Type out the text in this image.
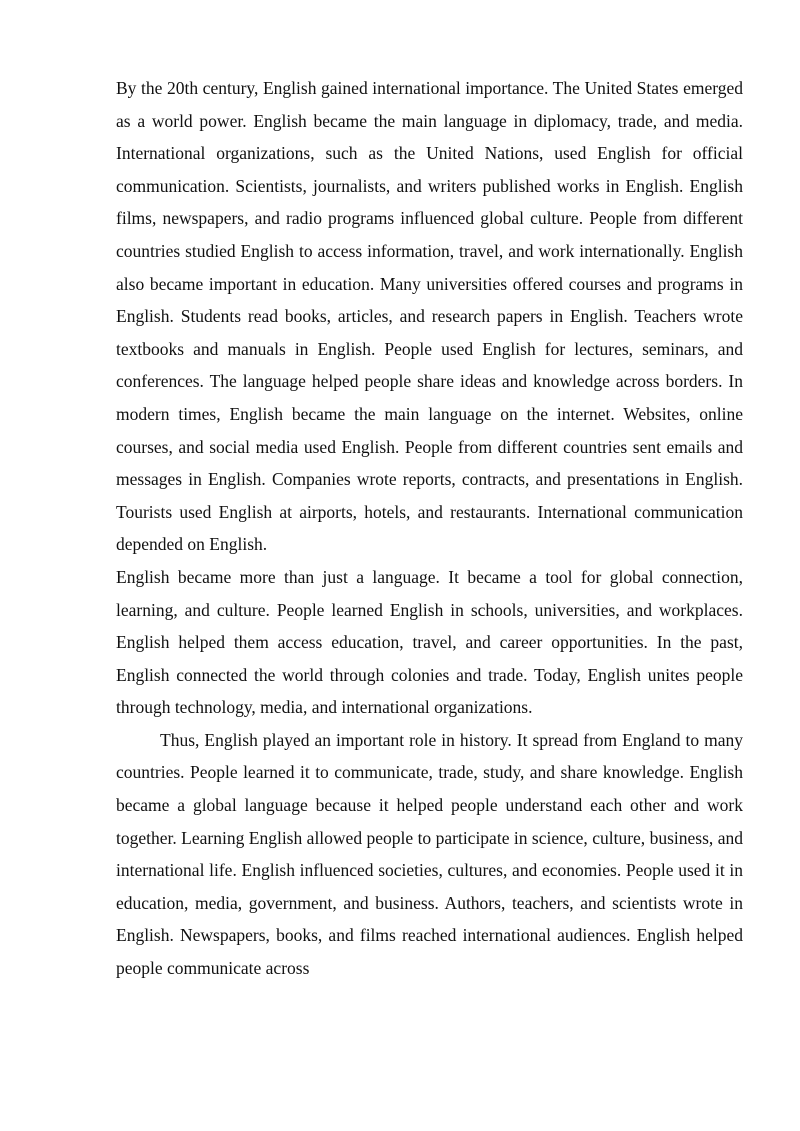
By the 20th century, English gained international importance. The United States emerged as a world power. English became the main language in diplomacy, trade, and media. International organizations, such as the United Nations, used English for official communication. Scientists, journalists, and writers published works in English. English films, newspapers, and radio programs influenced global culture. People from different countries studied English to access information, travel, and work internationally. English also became important in education. Many universities offered courses and programs in English. Students read books, articles, and research papers in English. Teachers wrote textbooks and manuals in English. People used English for lectures, seminars, and conferences. The language helped people share ideas and knowledge across borders. In modern times, English became the main language on the internet. Websites, online courses, and social media used English. People from different countries sent emails and messages in English. Companies wrote reports, contracts, and presentations in English. Tourists used English at airports, hotels, and restaurants. International communication depended on English.

English became more than just a language. It became a tool for global connection, learning, and culture. People learned English in schools, universities, and workplaces. English helped them access education, travel, and career opportunities. In the past, English connected the world through colonies and trade. Today, English unites people through technology, media, and international organizations.

Thus, English played an important role in history. It spread from England to many countries. People learned it to communicate, trade, study, and share knowledge. English became a global language because it helped people understand each other and work together. Learning English allowed people to participate in science, culture, business, and international life. English influenced societies, cultures, and economies. People used it in education, media, government, and business. Authors, teachers, and scientists wrote in English. Newspapers, books, and films reached international audiences. English helped people communicate across
